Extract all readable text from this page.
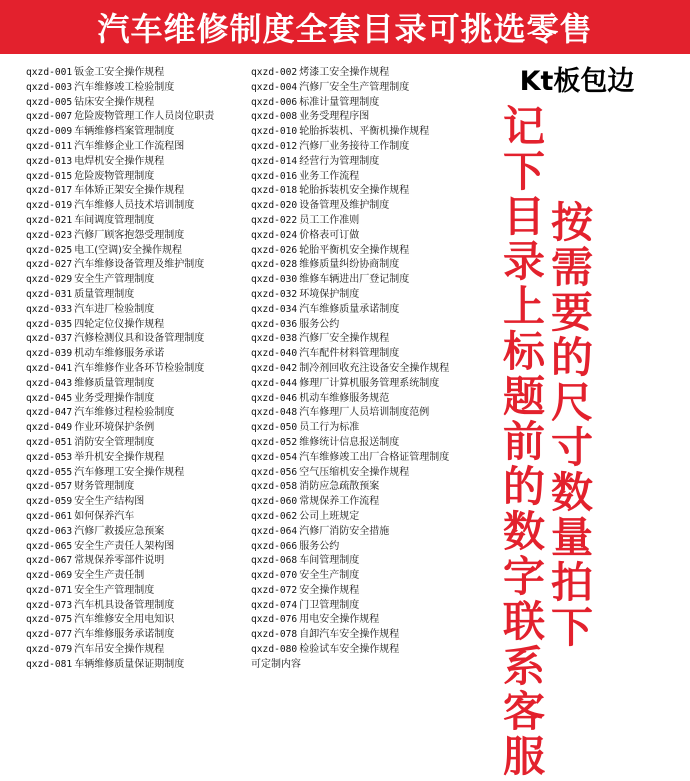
汽车维修制度全套目录可挑选零售
qxzd-001 钣金工安全操作规程
qxzd-003 汽车维修竣工检验制度
qxzd-005 钻床安全操作规程
qxzd-007 危险废物管理工作人员岗位职责
qxzd-009 车辆维修档案管理制度
qxzd-011 汽车维修企业工作流程图
qxzd-013 电焊机安全操作规程
qxzd-015 危险废物管理制度
qxzd-017 车体矫正架安全操作规程
qxzd-019 汽车维修人员技术培训制度
qxzd-021 车间调度管理制度
qxzd-023 汽修厂顾客抱怨受理制度
qxzd-025 电工(空调)安全操作规程
qxzd-027 汽车维修设备管理及维护制度
qxzd-029 安全生产管理制度
qxzd-031 质量管理制度
qxzd-033 汽车进厂检验制度
qxzd-035 四轮定位仪操作规程
qxzd-037 汽修检测仪具和设备管理制度
qxzd-039 机动车维修服务承诺
qxzd-041 汽车维修作业各环节检验制度
qxzd-043 维修质量管理制度
qxzd-045 业务受理操作制度
qxzd-047 汽车维修过程检验制度
qxzd-049 作业环境保护条例
qxzd-051 消防安全管理制度
qxzd-053 举升机安全操作规程
qxzd-055 汽车修理工安全操作规程
qxzd-057 财务管理制度
qxzd-059 安全生产结构图
qxzd-061 如何保养汽车
qxzd-063 汽修厂救援应急预案
qxzd-065 安全生产责任人架构图
qxzd-067 常规保养零部件说明
qxzd-069 安全生产责任制
qxzd-071 安全生产管理制度
qxzd-073 汽车机具设备管理制度
qxzd-075 汽车维修安全用电知识
qxzd-077 汽车维修服务承诺制度
qxzd-079 汽车吊安全操作规程
qxzd-081 车辆维修质量保证期制度
qxzd-002 烤漆工安全操作规程
qxzd-004 汽修厂安全生产管理制度
qxzd-006 标准计量管理制度
qxzd-008 业务受理程序图
qxzd-010 轮胎拆装机、平衡机操作规程
qxzd-012 汽修厂业务接待工作制度
qxzd-014 经营行为管理制度
qxzd-016 业务工作流程
qxzd-018 轮胎拆装机安全操作规程
qxzd-020 设备管理及维护制度
qxzd-022 员工工作准则
qxzd-024 价格表可订做
qxzd-026 轮胎平衡机安全操作规程
qxzd-028 维修质量纠纷协商制度
qxzd-030 维修车辆进出厂登记制度
qxzd-032 环境保护制度
qxzd-034 汽车维修质量承诺制度
qxzd-036 服务公约
qxzd-038 汽修厂安全操作规程
qxzd-040 汽车配件材料管理制度
qxzd-042 制冷剂回收充注设备安全操作规程
qxzd-044 修理厂计算机服务管理系统制度
qxzd-046 机动车维修服务规范
qxzd-048 汽车修理厂人员培训制度范例
qxzd-050 员工行为标准
qxzd-052 维修统计信息报送制度
qxzd-054 汽车维修竣工出厂合格证管理制度
qxzd-056 空气压缩机安全操作规程
qxzd-058 消防应急疏散预案
qxzd-060 常规保养工作流程
qxzd-062 公司上班规定
qxzd-064 汽修厂消防安全措施
qxzd-066 服务公约
qxzd-068 车间管理制度
qxzd-070 安全生产制度
qxzd-072 安全操作规程
qxzd-074 门卫管理制度
qxzd-076 用电安全操作规程
qxzd-078 自卸汽车安全操作规程
qxzd-080 检验试车安全操作规程
可定制内容
Kt板包边
记
下
目
录
上
标
题
前
的
数
字
联
系
客
服
按
需
要
的
尺
寸
数
量
拍
下
